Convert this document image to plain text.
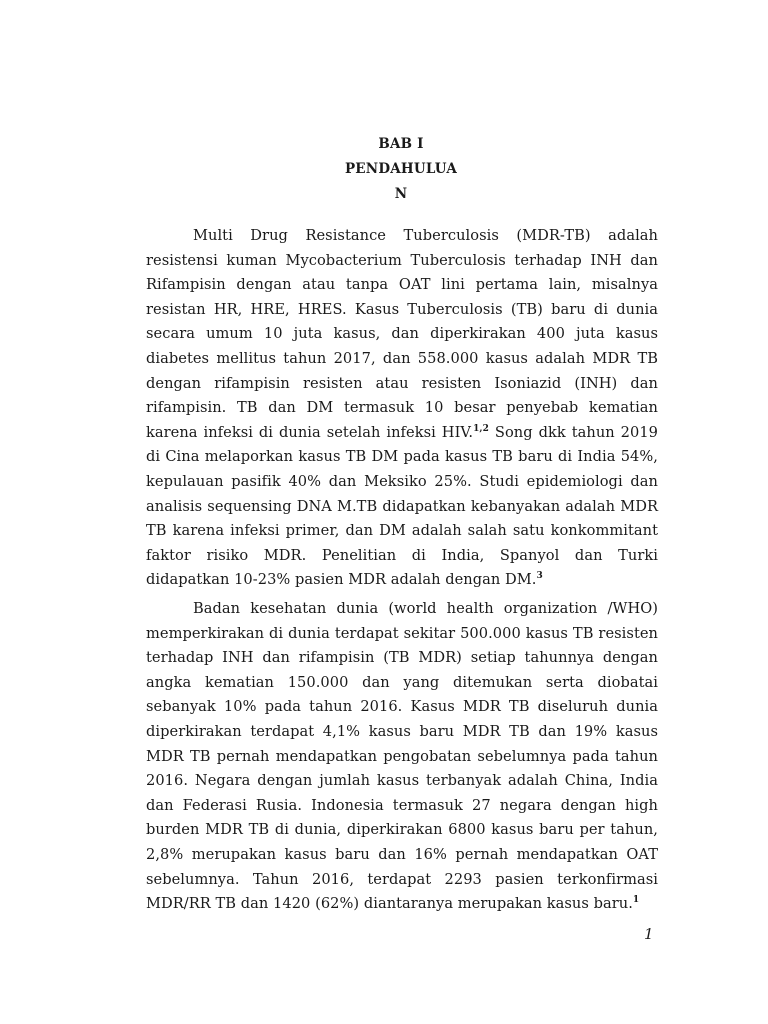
BAB I
PENDAHULUA
N
Multi Drug Resistance Tuberculosis (MDR-TB) adalah resistensi kuman Mycobacterium Tuberculosis terhadap INH dan Rifampisin dengan atau tanpa OAT lini pertama lain, misalnya resistan HR, HRE, HRES. Kasus Tuberculosis (TB) baru di dunia secara umum 10 juta kasus, dan diperkirakan 400 juta kasus diabetes mellitus tahun 2017, dan 558.000 kasus adalah MDR TB dengan rifampisin resisten atau resisten Isoniazid (INH) dan rifampisin. TB dan DM termasuk 10 besar penyebab kematian karena infeksi di dunia setelah infeksi HIV.$^{1,2}$ Song dkk tahun 2019 di Cina melaporkan kasus TB DM pada kasus TB baru di India 54%, kepulauan pasifik 40% dan Meksiko 25%. Studi epidemiologi dan analisis sequensing DNA M.TB didapatkan kebanyakan adalah MDR TB karena infeksi primer, dan DM adalah salah satu konkommitant faktor risiko MDR. Penelitian di India, Spanyol dan Turki didapatkan 10-23% pasien MDR adalah dengan DM.$^3$
Badan kesehatan dunia (world health organization /WHO) memperkirakan di dunia terdapat sekitar 500.000 kasus TB resisten terhadap INH dan rifampisin (TB MDR) setiap tahunnya dengan angka kematian 150.000 dan yang ditemukan serta diobatai sebanyak 10% pada tahun 2016. Kasus MDR TB diseluruh dunia diperkirakan terdapat 4,1% kasus baru MDR TB dan 19% kasus MDR TB pernah mendapatkan pengobatan sebelumnya pada tahun 2016. Negara dengan jumlah kasus terbanyak adalah China, India dan Federasi Rusia. Indonesia termasuk 27 negara dengan high burden MDR TB di dunia, diperkirakan 6800 kasus baru per tahun, 2,8% merupakan kasus baru dan 16% pernah mendapatkan OAT sebelumnya. Tahun 2016, terdapat 2293 pasien terkonfirmasi MDR/RR TB dan 1420 (62%) diantaranya merupakan kasus baru.$^1$
1
